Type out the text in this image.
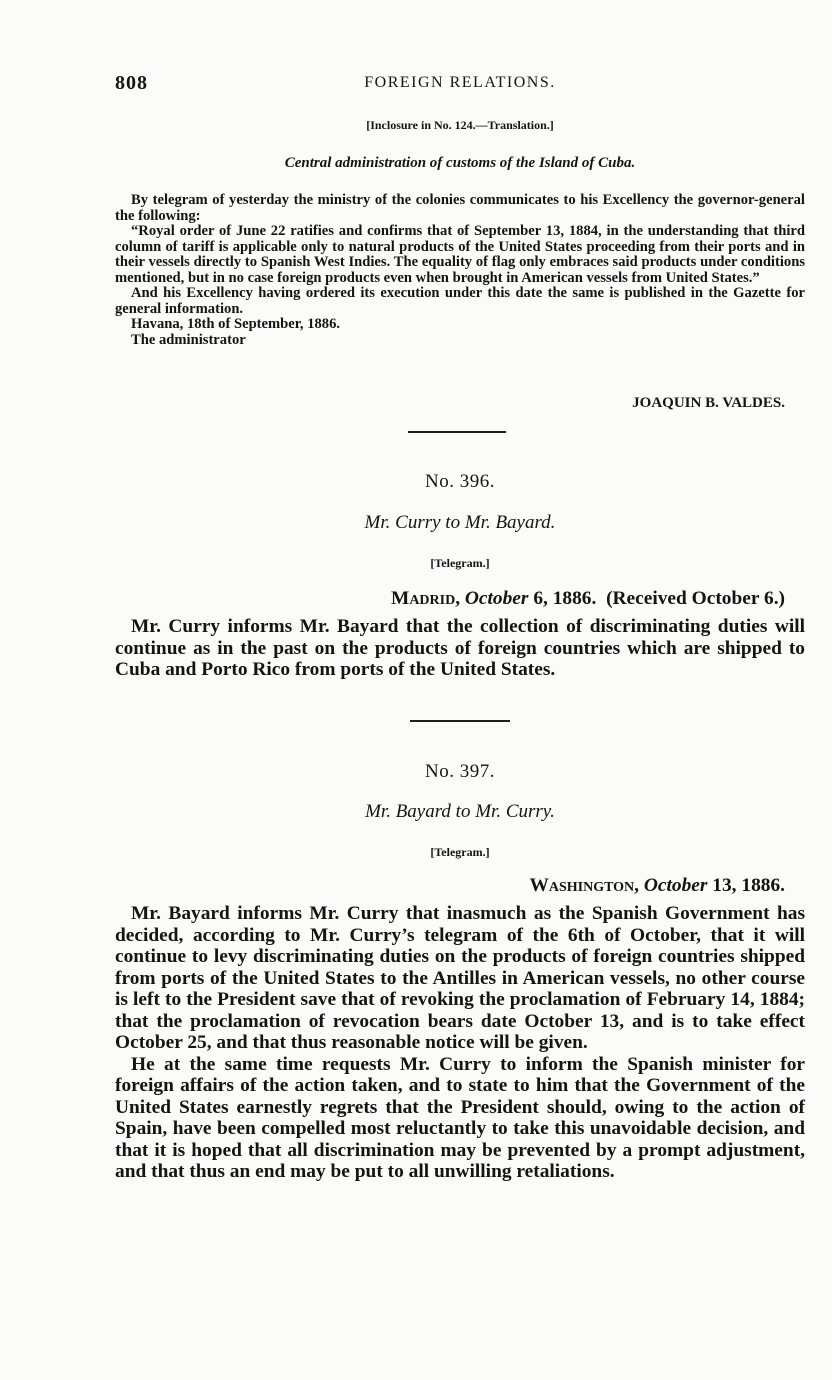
808	FOREIGN RELATIONS.
[Inclosure in No. 124.—Translation.]
Central administration of customs of the Island of Cuba.

By telegram of yesterday the ministry of the colonies communicates to his Excellency the governor-general the following:

“Royal order of June 22 ratifies and confirms that of September 13, 1884, in the understanding that third column of tariff is applicable only to natural products of the United States proceeding from their ports and in their vessels directly to Spanish West Indies. The equality of flag only embraces said products under conditions mentioned, but in no case foreign products even when brought in American vessels from United States.”

And his Excellency having ordered its execution under this date the same is published in the Gazette for general information.

Havana, 18th of September, 1886.

The administrator

JOAQUIN B. VALDES.
No. 396.
Mr. Curry to Mr. Bayard.
[Telegram.]
Madrid, October 6, 1886. (Received October 6.)

Mr. Curry informs Mr. Bayard that the collection of discriminating duties will continue as in the past on the products of foreign countries which are shipped to Cuba and Porto Rico from ports of the United States.

No. 397.
Mr. Bayard to Mr. Curry.
[Telegram.]
Washington, October 13, 1886.

Mr. Bayard informs Mr. Curry that inasmuch as the Spanish Government has decided, according to Mr. Curry’s telegram of the 6th of October, that it will continue to levy discriminating duties on the products of foreign countries shipped from ports of the United States to the Antilles in American vessels, no other course is left to the President save that of revoking the proclamation of February 14, 1884; that the proclamation of revocation bears date October 13, and is to take effect October 25, and that thus reasonable notice will be given.

He at the same time requests Mr. Curry to inform the Spanish minister for foreign affairs of the action taken, and to state to him that the Government of the United States earnestly regrets that the President should, owing to the action of Spain, have been compelled most reluctantly to take this unavoidable decision, and that it is hoped that all discrimination may be prevented by a prompt adjustment, and that thus an end may be put to all unwilling retaliations.
